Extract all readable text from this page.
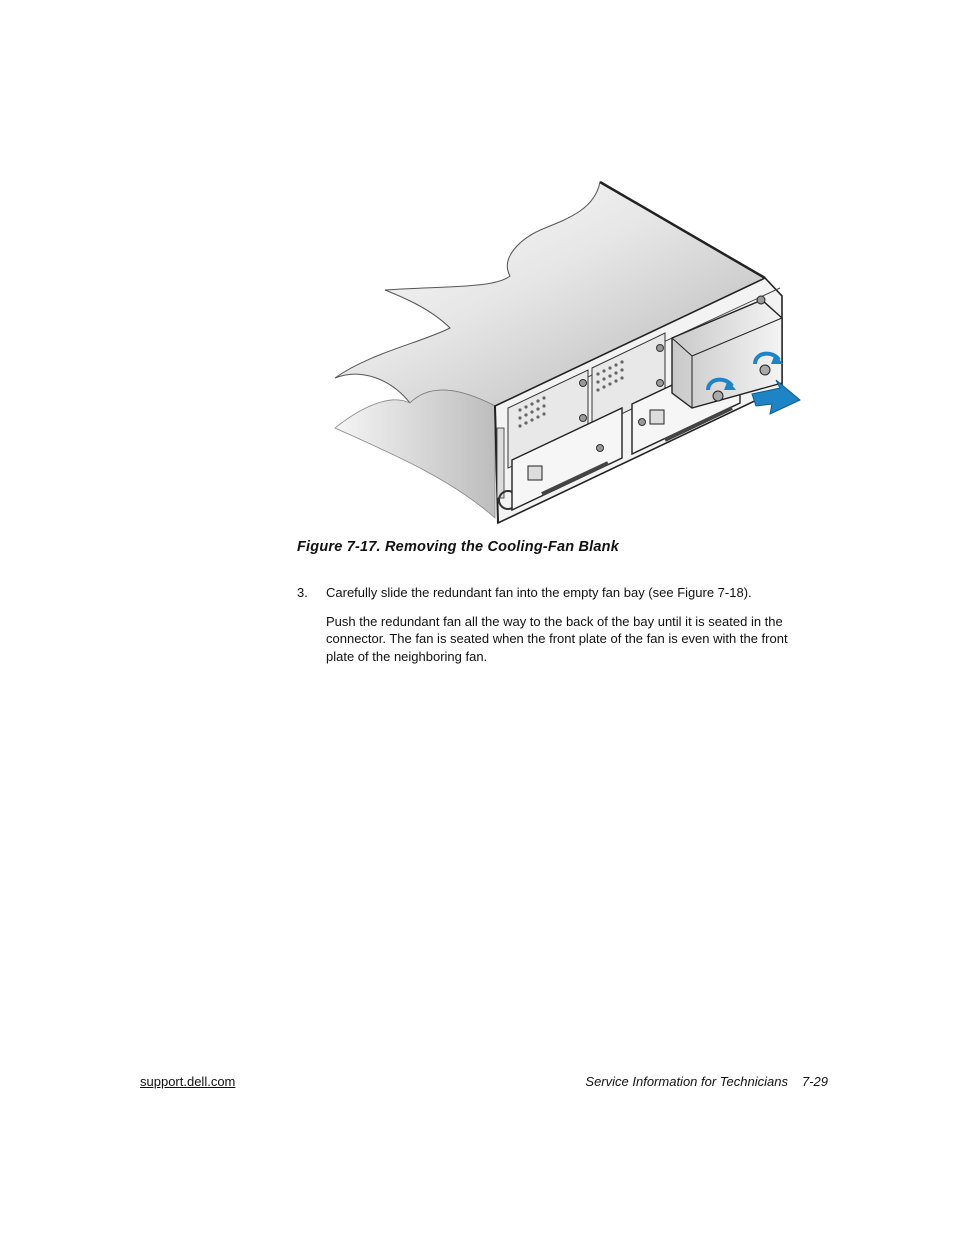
Figure 7-17. Removing the Cooling-Fan Blank
3. Carefully slide the redundant fan into the empty fan bay (see Figure 7-18).
Push the redundant fan all the way to the back of the bay until it is seated in the
connector. The fan is seated when the front plate of the fan is even with the front
plate of the neighboring fan.
support.dell.com	Service Information for Technicians 7-29
